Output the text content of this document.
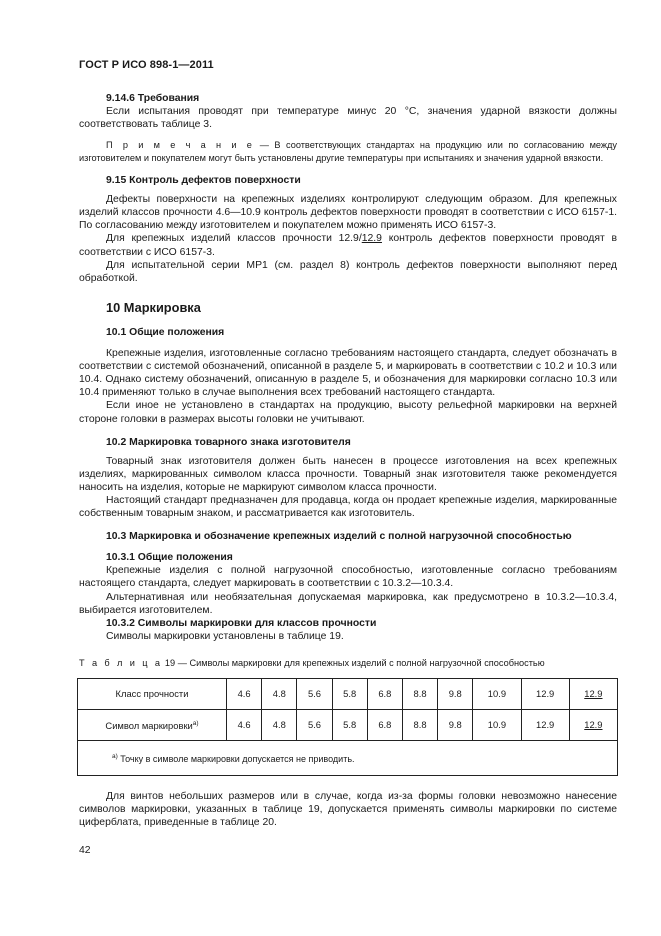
ГОСТ Р ИСО 898-1—2011
9.14.6 Требования

Если испытания проводят при температуре минус 20 °С, значения ударной вязкости должны соответствовать таблице 3.

П р и м е ч а н и е — В соответствующих стандартах на продукцию или по согласованию между изготовителем и покупателем могут быть установлены другие температуры при испытаниях и значения ударной вязкости.

9.15 Контроль дефектов поверхности

Дефекты поверхности на крепежных изделиях контролируют следующим образом. Для крепежных изделий классов прочности 4.6—10.9 контроль дефектов поверхности проводят в соответствии с ИСО 6157-1. По согласованию между изготовителем и покупателем можно применять ИСО 6157-3.

Для крепежных изделий классов прочности 12.9/12.9 контроль дефектов поверхности проводят в соответствии с ИСО 6157-3.

Для испытательной серии МР1 (см. раздел 8) контроль дефектов поверхности выполняют перед обработкой.

10 Маркировка
10.1 Общие положения

Крепежные изделия, изготовленные согласно требованиям настоящего стандарта, следует обозначать в соответствии с системой обозначений, описанной в разделе 5, и маркировать в соответствии с 10.2 и 10.3 или 10.4. Однако систему обозначений, описанную в разделе 5, и обозначения для маркировки согласно 10.3 или 10.4 применяют только в случае выполнения всех требований настоящего стандарта.

Если иное не установлено в стандартах на продукцию, высоту рельефной маркировки на верхней стороне головки в размерах высоты головки не учитывают.

10.2 Маркировка товарного знака изготовителя

Товарный знак изготовителя должен быть нанесен в процессе изготовления на всех крепежных изделиях, маркированных символом класса прочности. Товарный знак изготовителя также рекомендуется наносить на изделия, которые не маркируют символом класса прочности.

Настоящий стандарт предназначен для продавца, когда он продает крепежные изделия, маркированные собственным товарным знаком, и рассматривается как изготовитель.

10.3 Маркировка и обозначение крепежных изделий с полной нагрузочной способностью
10.3.1 Общие положения

Крепежные изделия с полной нагрузочной способностью, изготовленные согласно требованиям настоящего стандарта, следует маркировать в соответствии с 10.3.2—10.3.4.

Альтернативная или необязательная допускаемая маркировка, как предусмотрено в 10.3.2—10.3.4, выбирается изготовителем.

10.3.2 Символы маркировки для классов прочности

Символы маркировки установлены в таблице 19.

Т а б л и ц а 19 — Символы маркировки для крепежных изделий с полной нагрузочной способностью

Класс прочности	4.6	4.8	5.6	5.8	6.8	8.8	9.8	10.9	12.9	12.9
Символ маркировки$^{а)}$	4.6	4.8	5.6	5.8	6.8	8.8	9.8	10.9	12.9	12.9
$^{а)}$ Точку в символе маркировки допускается не приводить.										

Для винтов небольших размеров или в случае, когда из-за формы головки невозможно нанесение символов маркировки, указанных в таблице 19, допускается применять символы маркировки по системе циферблата, приведенные в таблице 20.

42
